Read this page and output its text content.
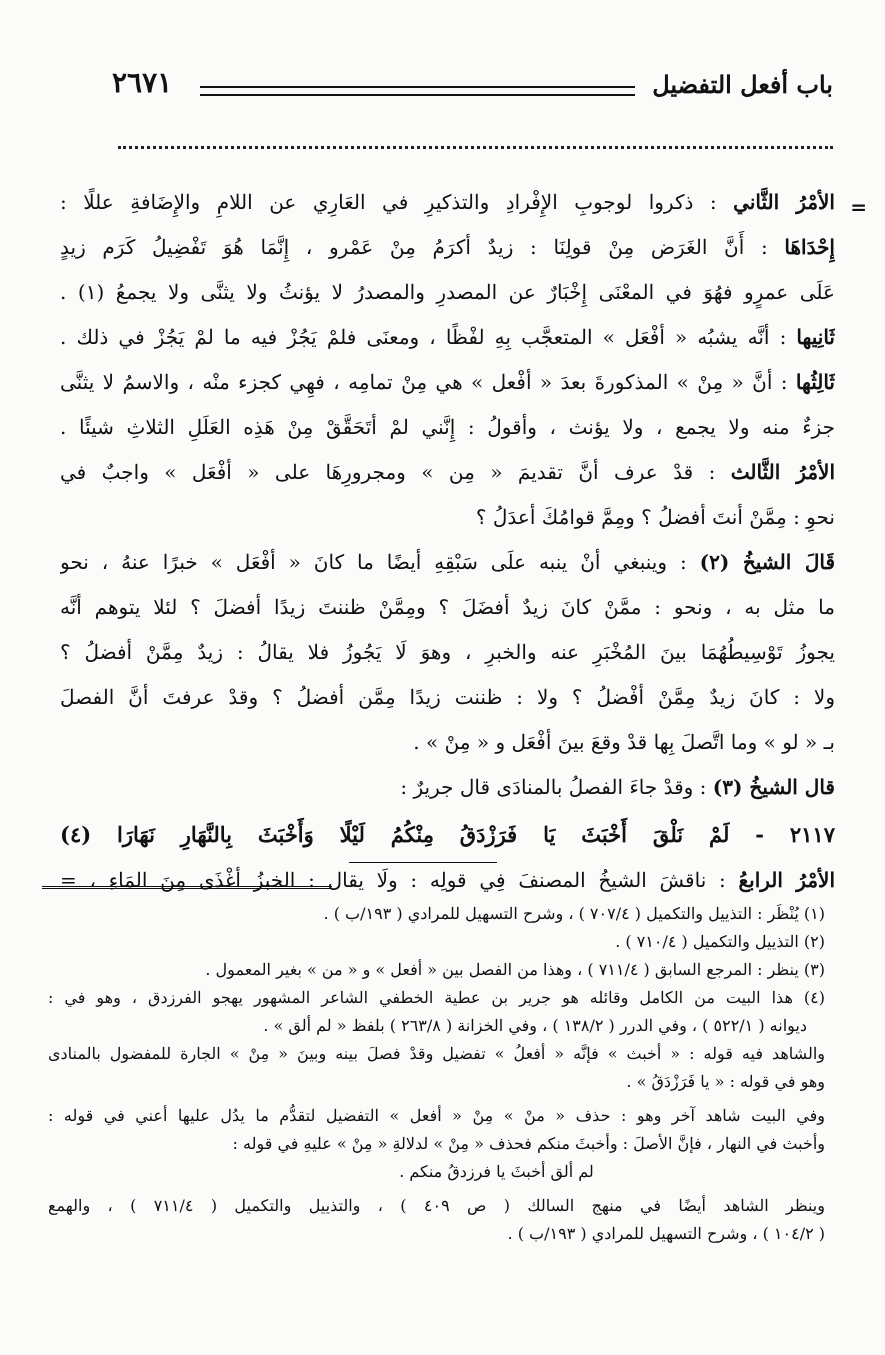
باب أفعل التفضيل
٢٦٧١
=
الأمْرُ الثَّاني : ذكروا لوجوبِ الإِفْرادِ والتذكيرِ في العَارِي عن اللامِ والإِضَافةِ عللًا :
إِحْدَاهَا : أَنَّ الغَرَض مِنْ قولِنَا : زيدٌ أكرَمُ مِنْ عَمْرو ، إِنَّمَا هُوَ تَفْضِيلُ كَرَم زيدٍ
عَلَى عمرٍو فهُوَ في المعْنَى إِخْبَارٌ عن المصدرِ والمصدرُ لا يؤنثُ ولا يثنَّى ولا يجمعُ (١) .
ثَانِيها : أنَّه يشبُه « أفْعَل » المتعجَّب بِهِ لفْظًا ، ومعنَى فلمْ يَجُزْ فيه ما لمْ يَجُزْ في ذلك .
ثَالِثُها : أنَّ « مِنْ » المذكورةَ بعدَ « أفْعل » هي مِنْ تمامِه ، فهِي كجزء منْه ، والاسمُ لا يثنَّى
جزءٌ منه ولا يجمع ، ولا يؤنث ، وأقولُ : إِنَّني لمْ أتَحَقَّقْ مِنْ هَذِه العَلَلِ الثلاثِ شيئًا .
الأمْرُ الثَّالث : قدْ عرف أنَّ تقديمَ « مِن » ومجرورِهَا على « أفْعَل » واجبٌ في
نحوِ : مِمَّنْ أنتَ أفضلُ ؟ ومِمَّ قوامُكَ أعدَلُ ؟
قَالَ الشيخُ (٢) : وينبغي أنْ ينبه علَى سَبْقِهِ أيضًا ما كانَ « أفْعَل » خبرًا عنهُ ، نحو
ما مثل به ، ونحو : ممَّنْ كانَ زيدٌ أفضَلَ ؟ ومِمَّنْ ظننتَ زيدًا أفضلَ ؟ لئلا يتوهم أنَّه
يجوزُ تَوْسِيطُهُمَا بينَ المُخْبَرِ عنه والخبرِ ، وهوَ لَا يَجُوزُ فلا يقالُ : زيدٌ مِمَّنْ أفضلُ ؟
ولا : كانَ زيدٌ مِمَّنْ أفْضلُ ؟ ولا : ظننت زيدًا مِمَّن أفضلُ ؟ وقدْ عرفتَ أنَّ الفصلَ
بـ « لو » وما اتَّصلَ بِها قدْ وقعَ بينَ أفْعَل و « مِنْ » .
قال الشيخُ (٣) : وقدْ جاءَ الفصلُ بالمنادَى قال جريرٌ :
٢١١٧ - لَمْ نَلْقَ أَخْبَثَ يَا فَرَزْدَقُ مِنْكُمُ لَيْلًا وَأَخْبَثَ بِالنَّهَارِ نَهَارَا (٤)
الأمْرُ الرابعُ : ناقشَ الشيخُ المصنفَ فِي قولِه : ولَا يقال : الخبزُ أغْذَى مِنَ المَاءِ ، =
(١) يُنْظَر : التذييل والتكميل ( ٧٠٧/٤ ) ، وشرح التسهيل للمرادي ( ١٩٣/ب ) .
(٢) التذييل والتكميل ( ٧١٠/٤ ) .
(٣) ينظر : المرجع السابق ( ٧١١/٤ ) ، وهذا من الفصل بين « أفعل » و « من » بغير المعمول .
(٤) هذا البيت من الكامل وقائله هو جرير بن عطية الخطفي الشاعر المشهور يهجو الفرزدق ، وهو في :
ديوانه ( ٥٢٢/١ ) ، وفي الدرر ( ١٣٨/٢ ) ، وفي الخزانة ( ٢٦٣/٨ ) بلفظ « لم ألق » .
والشاهد فيه قوله : « أخبث » فإنَّه « أفعلُ » تفضيل وقدْ فصلَ بينه وبينَ « مِنْ » الجارة للمفضول بالمنادى
وهو في قوله : « يا فَرَزْدَقُ » .
وفي البيت شاهد آخر وهو : حذف « منْ » مِنْ « أفعل » التفضيل لتقدُّم ما يدُل عليها أعني في قوله :
وأخبث في النهار ، فإنَّ الأصلَ : وأخبثَ منكم فحذف « مِنْ » لدلالةِ « مِنْ » عليهِ في قوله :
لم ألق أخبثَ يا فرزدقُ منكم .
وينظر الشاهد أيضًا في منهج السالك ( ص ٤٠٩ ) ، والتذييل والتكميل ( ٧١١/٤ ) ، والهمع
( ١٠٤/٢ ) ، وشرح التسهيل للمرادي ( ١٩٣/ب ) .
